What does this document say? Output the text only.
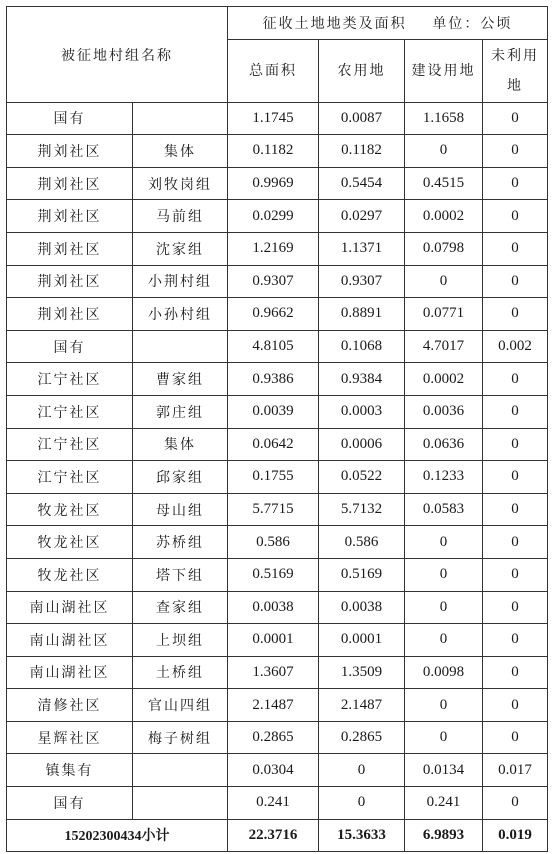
被征地村组名称		征收土地地类及面积 单位：公顷			
		总面积	农用地	建设用地	未利用地
国有		1.1745	0.0087	1.1658	0
荆刘社区	集体	0.1182	0.1182	0	0
荆刘社区	刘牧岗组	0.9969	0.5454	0.4515	0
荆刘社区	马前组	0.0299	0.0297	0.0002	0
荆刘社区	沈家组	1.2169	1.1371	0.0798	0
荆刘社区	小荆村组	0.9307	0.9307	0	0
荆刘社区	小孙村组	0.9662	0.8891	0.0771	0
国有		4.8105	0.1068	4.7017	0.002
江宁社区	曹家组	0.9386	0.9384	0.0002	0
江宁社区	郭庄组	0.0039	0.0003	0.0036	0
江宁社区	集体	0.0642	0.0006	0.0636	0
江宁社区	邱家组	0.1755	0.0522	0.1233	0
牧龙社区	母山组	5.7715	5.7132	0.0583	0
牧龙社区	苏桥组	0.586	0.586	0	0
牧龙社区	塔下组	0.5169	0.5169	0	0
南山湖社区	查家组	0.0038	0.0038	0	0
南山湖社区	上坝组	0.0001	0.0001	0	0
南山湖社区	土桥组	1.3607	1.3509	0.0098	0
清修社区	官山四组	2.1487	2.1487	0	0
星辉社区	梅子树组	0.2865	0.2865	0	0
镇集有		0.0304	0	0.0134	0.017
国有		0.241	0	0.241	0
15202300434小计		22.3716	15.3633	6.9893	0.019
